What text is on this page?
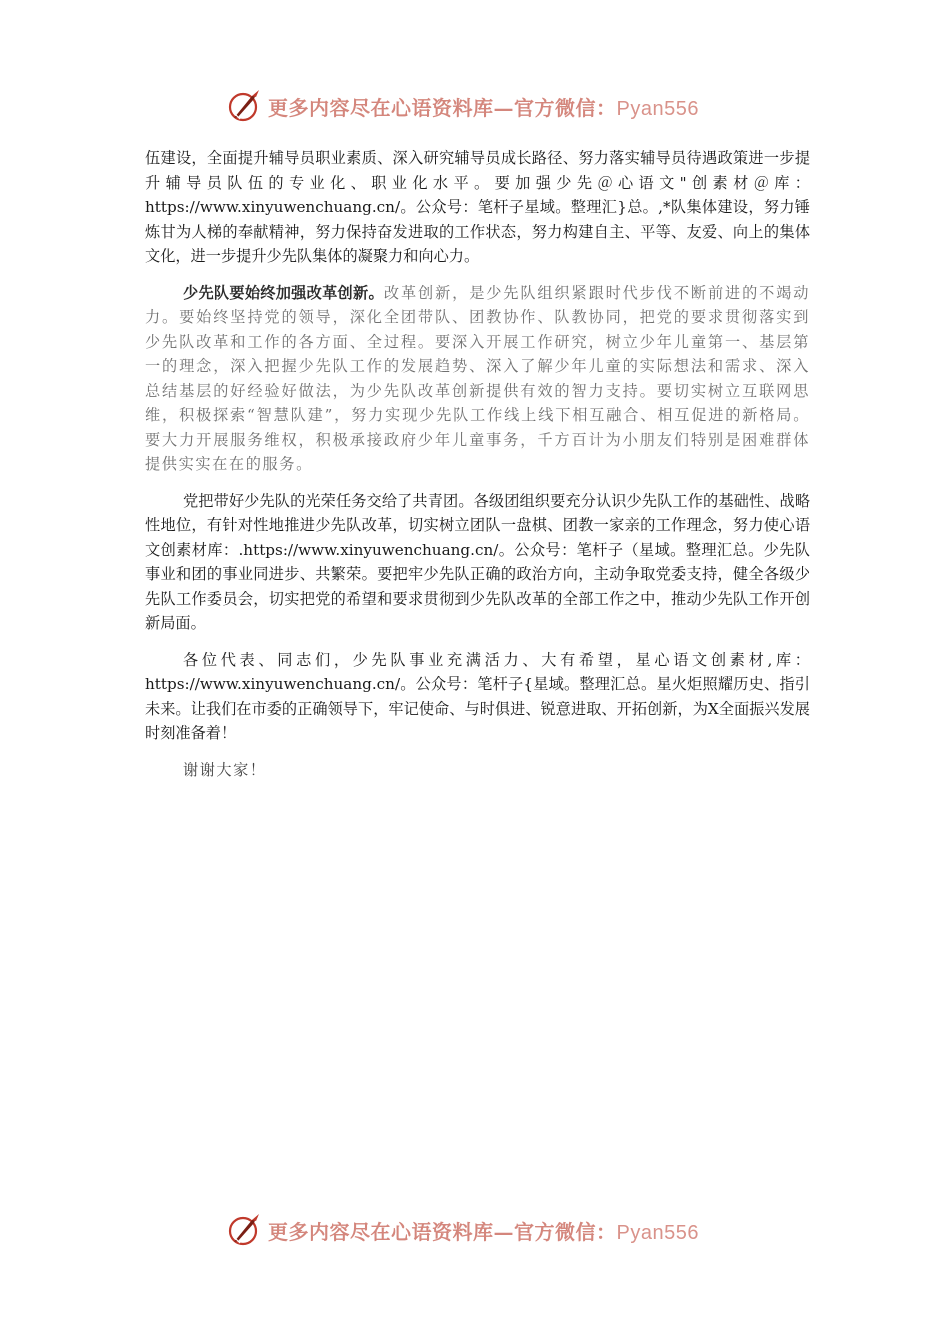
更多内容尽在心语资料库—官方微信：Pyan556

伍建设，全面提升辅导员职业素质、深入研究辅导员成长路径、努力落实辅导员待遇政策进一步提升辅导员队伍的专业化、职业化水平。要加强少先＠心语文"创素材＠库：https://www.xinyuwenchuang.cn/。公众号：笔杆子星域。整理汇}总。,*队集体建设，努力锤炼甘为人梯的奉献精神，努力保持奋发进取的工作状态，努力构建自主、平等、友爱、向上的集体文化，进一步提升少先队集体的凝聚力和向心力。

少先队要始终加强改革创新。改革创新，是少先队组织紧跟时代步伐不断前进的不竭动力。要始终坚持党的领导，深化全团带队、团教协作、队教协同，把党的要求贯彻落实到少先队改革和工作的各方面、全过程。要深入开展工作研究，树立少年儿童第一、基层第一的理念，深入把握少先队工作的发展趋势、深入了解少年儿童的实际想法和需求、深入总结基层的好经验好做法，为少先队改革创新提供有效的智力支持。要切实树立互联网思维，积极探索“智慧队建”，努力实现少先队工作线上线下相互融合、相互促进的新格局。要大力开展服务维权，积极承接政府少年儿童事务，千方百计为小朋友们特别是困难群体提供实实在在的服务。

党把带好少先队的光荣任务交给了共青团。各级团组织要充分认识少先队工作的基础性、战略性地位，有针对性地推进少先队改革，切实树立团队一盘棋、团教一家亲的工作理念，努力使心语文创素材库：.https://www.xinyuwenchuang.cn/。公众号：笔杆子（星域。整理汇总。少先队事业和团的事业同进步、共繁荣。要把牢少先队正确的政治方向，主动争取党委支持，健全各级少先队工作委员会，切实把党的希望和要求贯彻到少先队改革的全部工作之中，推动少先队工作开创新局面。

各位代表、同志们，少先队事业充满活力、大有希望，星心语文创素材,库：https://www.xinyuwenchuang.cn/。公众号：笔杆子{星域。整理汇总。星火炬照耀历史、指引未来。让我们在市委的正确领导下，牢记使命、与时俱进、锐意进取、开拓创新，为X全面振兴发展时刻准备着！

谢谢大家！

更多内容尽在心语资料库—官方微信：Pyan556
